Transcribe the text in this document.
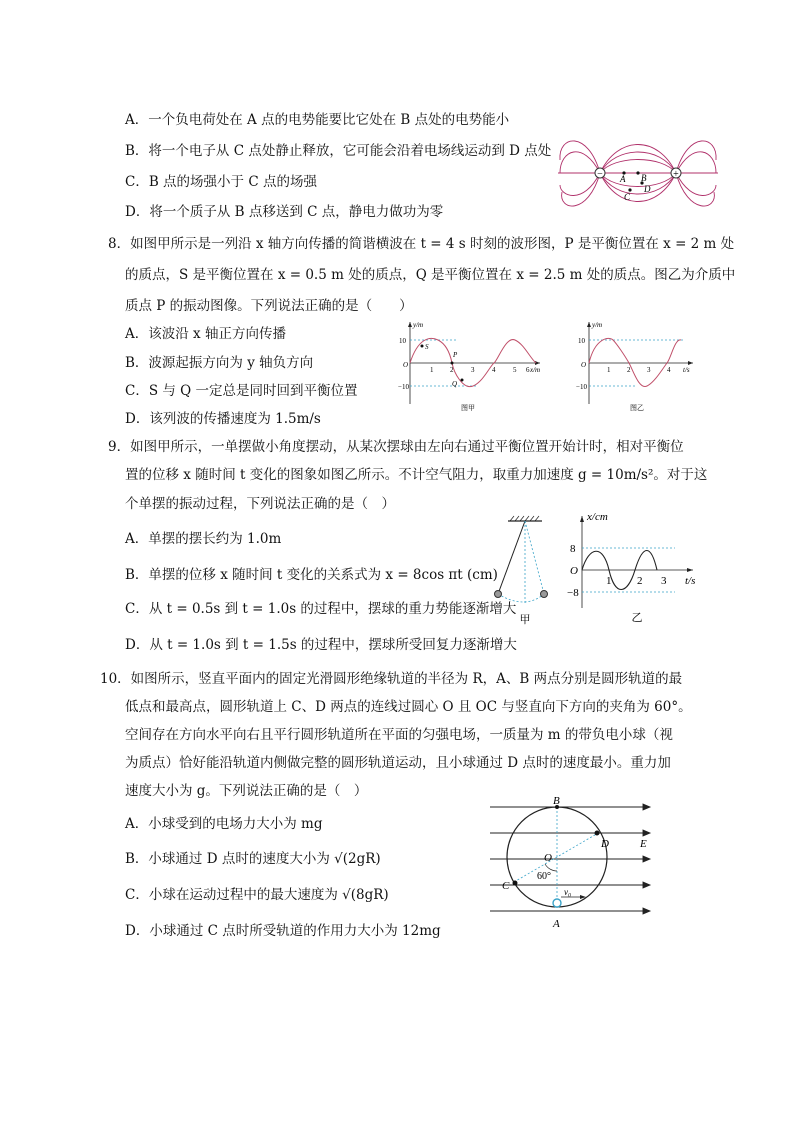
A．一个负电荷处在 A 点的电势能要比它处在 B 点处的电势能小
B．将一个电子从 C 点处静止释放，它可能会沿着电场线运动到 D 点处
C．B 点的场强小于 C 点的场强
D．将一个质子从 B 点移送到 C 点，静电力做功为零
−	+
A B
C
D
8．如图甲所示是一列沿 x 轴方向传播的简谐横波在 t = 4 s 时刻的波形图，P 是平衡位置在 x = 2 m 处
的质点，S 是平衡位置在 x = 0.5 m 处的质点，Q 是平衡位置在 x = 2.5 m 处的质点。图乙为介质中
质点 P 的振动图像。下列说法正确的是（　　）
A．该波沿 x 轴正方向传播
B．波源起振方向为 y 轴负方向
C．S 与 Q 一定总是同时回到平衡位置
D．该列波的传播速度为 1.5m/s
O
y/m
x/m
10
−10
1 2	3	4	5 6
S
P
Q
图甲
O
y/m
t/s
10
−10
1 2 3 4
图乙
9．如图甲所示，一单摆做小角度摆动，从某次摆球由左向右通过平衡位置开始计时，相对平衡位
置的位移 x 随时间 t 变化的图象如图乙所示。不计空气阻力，取重力加速度 g = 10m/s²。对于这
个单摆的振动过程，下列说法正确的是（　）
A．单摆的摆长约为 1.0m
B．单摆的位移 x 随时间 t 变化的关系式为 x = 8cos πt (cm)
C．从 t = 0.5s 到 t = 1.0s 的过程中，摆球的重力势能逐渐增大
D．从 t = 1.0s 到 t = 1.5s 的过程中，摆球所受回复力逐渐增大
甲
O
x/cm
t/s
8
−8
1 2 3
乙
10．如图所示，竖直平面内的固定光滑圆形绝缘轨道的半径为 R，A、B 两点分别是圆形轨道的最
低点和最高点，圆形轨道上 C、D 两点的连线过圆心 O 且 OC 与竖直向下方向的夹角为 60°。
空间存在方向水平向右且平行圆形轨道所在平面的匀强电场，一质量为 m 的带负电小球（视
为质点）恰好能沿轨道内侧做完整的圆形轨道运动，且小球通过 D 点时的速度最小。重力加
速度大小为 g。下列说法正确的是（　）
A．小球受到的电场力大小为 mg
B．小球通过 D 点时的速度大小为 √(2gR)
C．小球在运动过程中的最大速度为 √(8gR)
D．小球通过 C 点时所受轨道的作用力大小为 12mg
B
D	E
O
C
60°
v₀
A
